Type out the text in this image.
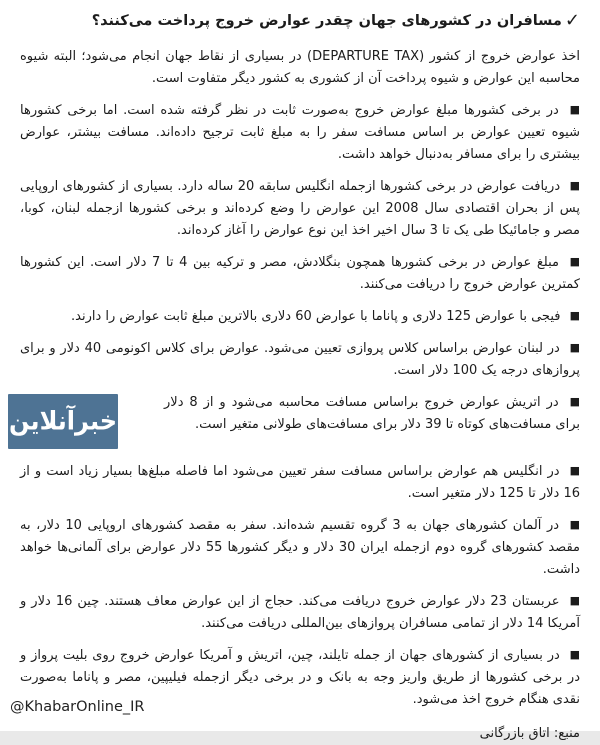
✓مسافران در کشورهای جهان چقدر عوارض خروج پرداخت می‌کنند؟

اخذ عوارض خروج از کشور (DEPARTURE TAX) در بسیاری از نقاط جهان انجام می‌شود؛ البته شیوه محاسبه این عوارض و شیوه پرداخت آن از کشوری به کشور دیگر متفاوت است.

■ در برخی کشورها مبلغ عوارض خروج به‌صورت ثابت در نظر گرفته شده است. اما برخی کشورها شیوه تعیین عوارض بر اساس مسافت سفر را به مبلغ ثابت ترجیح داده‌اند. مسافت بیشتر، عوارض بیشتری را برای مسافر به‌دنبال خواهد داشت.

■ دریافت عوارض در برخی کشورها ازجمله انگلیس سابقه 20 ساله دارد. بسیاری از کشورهای اروپایی پس از بحران اقتصادی سال 2008 این عوارض را وضع کرده‌اند و برخی کشورها ازجمله لبنان، کوبا، مصر و جامائیکا طی یک تا 3 سال اخیر اخذ این نوع عوارض را آغاز کرده‌اند.

■ مبلغ عوارض در برخی کشورها همچون بنگلادش، مصر و ترکیه بین 4 تا 7 دلار است. این کشورها کمترین عوارض خروج را دریافت می‌کنند.

■ فیجی با عوارض 125 دلاری و پاناما با عوارض 60 دلاری بالاترین مبلغ ثابت عوارض را دارند.

■ در لبنان عوارض براساس کلاس پروازی تعیین می‌شود. عوارض برای کلاس اکونومی 40 دلار و برای پروازهای درجه یک 100 دلار است.

■ در اتریش عوارض خروج براساس مسافت محاسبه می‌شود و از 8 دلار برای مسافت‌های کوتاه تا 39 دلار برای مسافت‌های طولانی متغیر است.

خبرآنلاین

■ در انگلیس هم عوارض براساس مسافت سفر تعیین می‌شود اما فاصله مبلغ‌ها بسیار زیاد است و از 16 دلار تا 125 دلار متغیر است.

■ در آلمان کشورهای جهان به 3 گروه تقسیم شده‌اند. سفر به مقصد کشورهای اروپایی 10 دلار، به مقصد کشورهای گروه دوم ازجمله ایران 30 دلار و دیگر کشورها 55 دلار عوارض برای آلمانی‌ها خواهد داشت.

■ عربستان 23 دلار عوارض خروج دریافت می‌کند. حجاج از این عوارض معاف هستند. چین 16 دلار و آمریکا 14 دلار از تمامی مسافران پروازهای بین‌المللی دریافت می‌کنند.

■ در بسیاری از کشورهای جهان از جمله تایلند، چین، اتریش و آمریکا عوارض خروج روی بلیت پرواز و در برخی کشورها از طریق واریز وجه به بانک و در برخی دیگر ازجمله فیلیپین، مصر و پاناما به‌صورت نقدی هنگام خروج اخذ می‌شود.

منبع: اتاق بازرگانی

@KhabarOnline_IR
